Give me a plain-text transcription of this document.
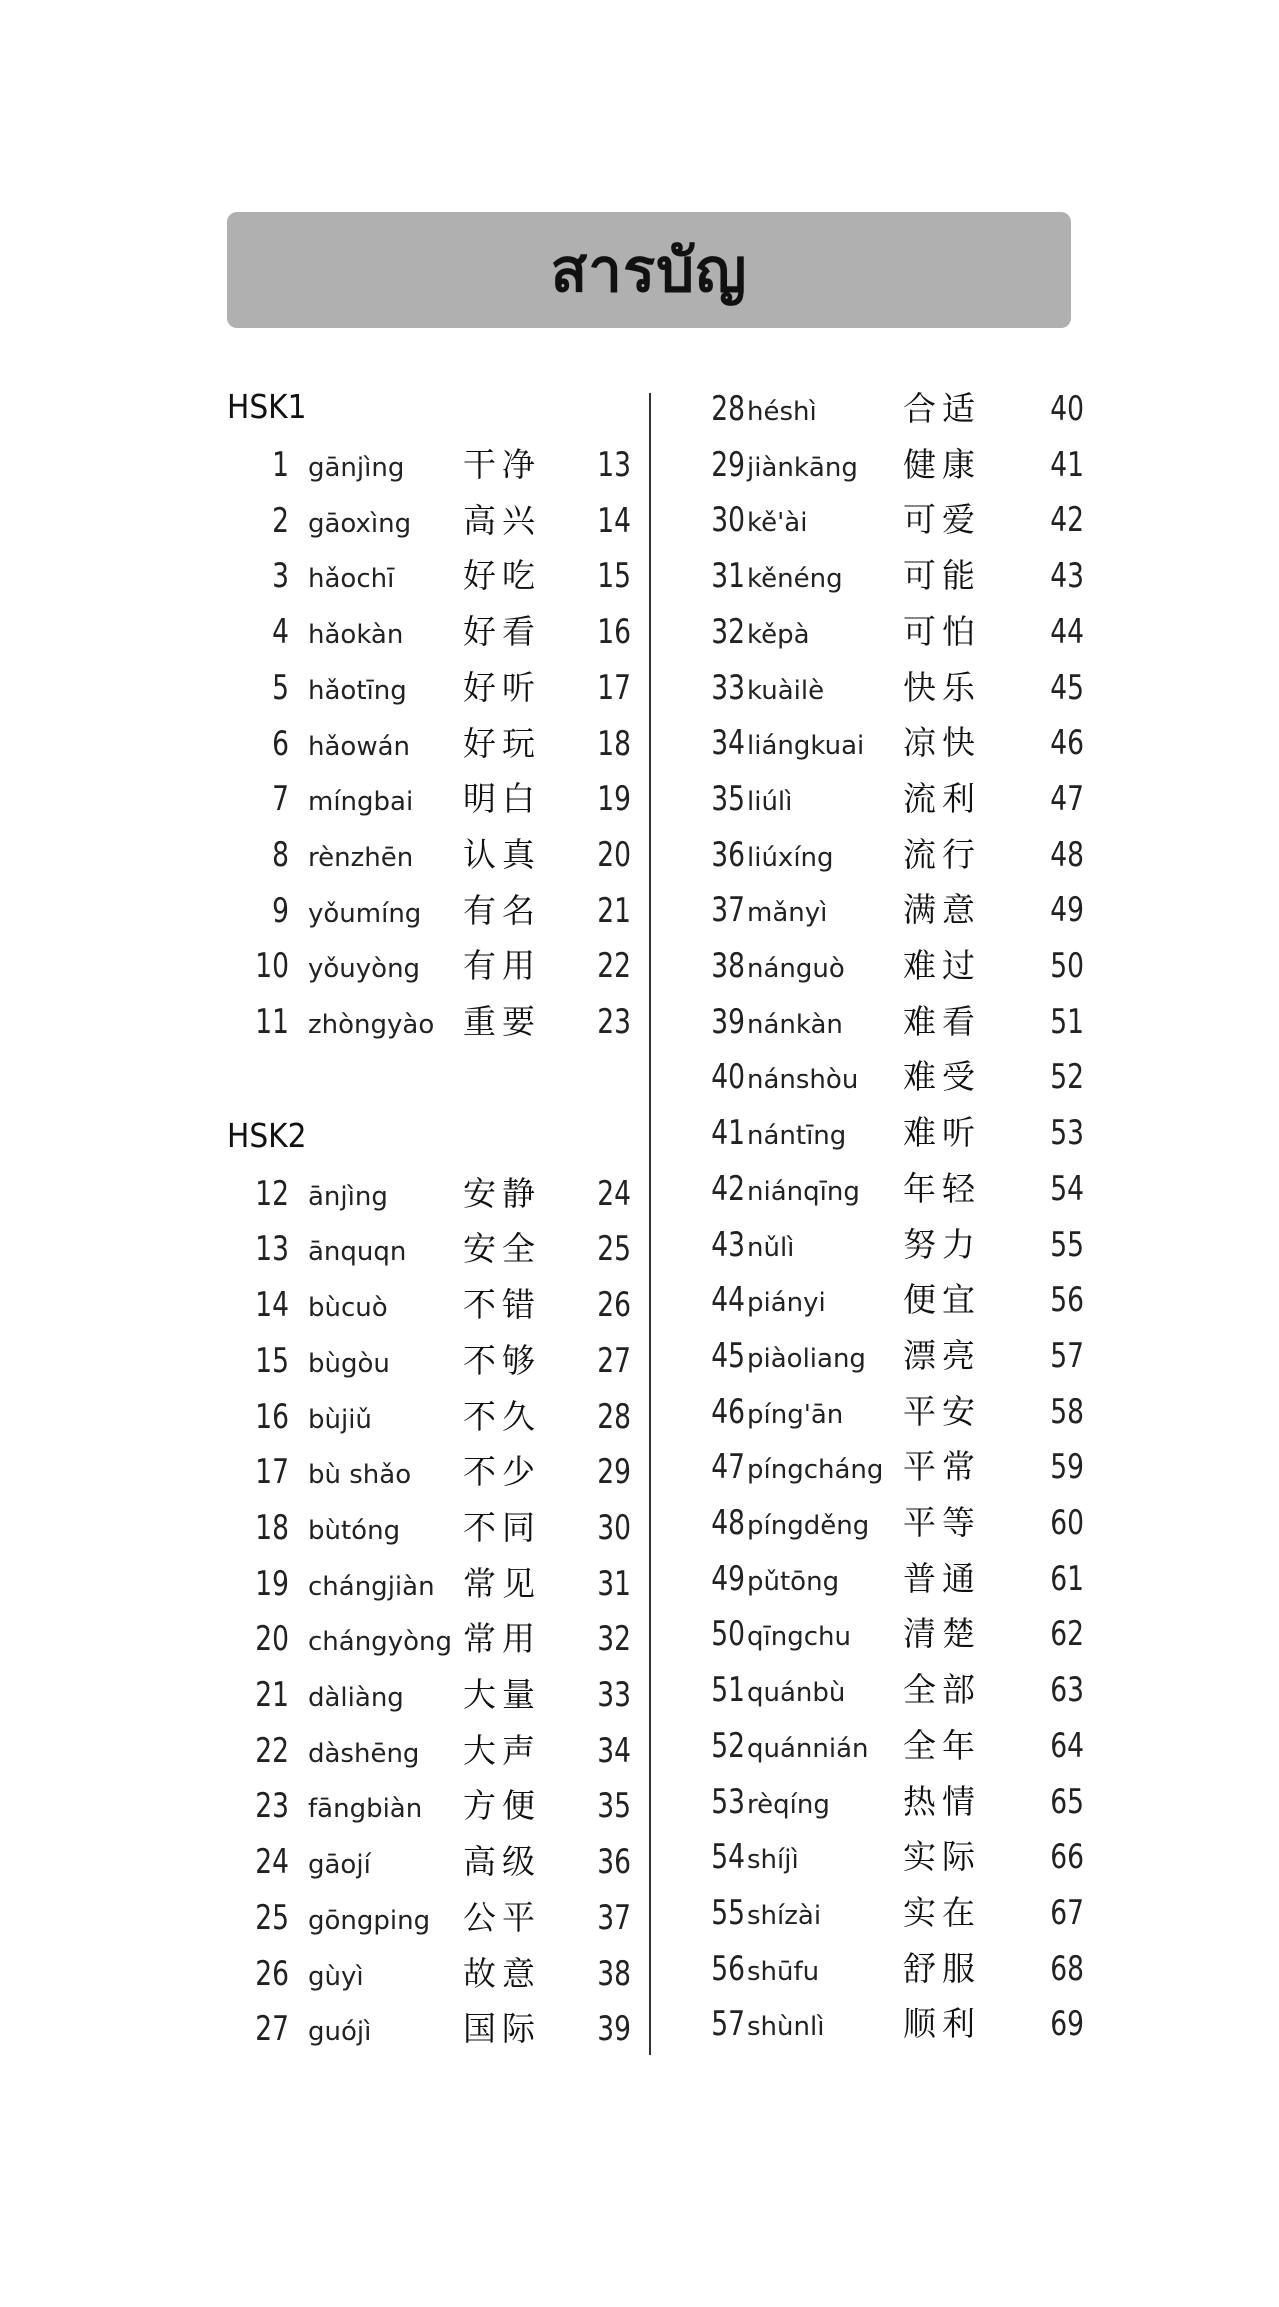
สารบัญ
HSK1
1 gānjìng 干净	13
2 gāoxìng 高兴	14
3 hǎochī 好吃	15
4 hǎokàn 好看	16
5 hǎotīng 好听	17
6 hǎowán 好玩	18
7 míngbai 明白	19
8 rènzhēn 认真	20
9 yǒumíng 有名	21
10 yǒuyòng 有用	22
11 zhòngyào 重要	23
HSK2
12 ānjìng 安静	24
13 ānquqn 安全	25
14 bùcuò 不错	26
15 bùgòu 不够	27
16 bùjiǔ	不久	28
17 bù shǎo 不少	29
18 bùtóng 不同	30
19 chángjiàn 常见	31
20 chángyòng 常用	32
21 dàliàng 大量	33
22 dàshēng 大声	34
23 fāngbiàn 方便	35
24 gāojí	高级	36
25 gōngping 公平	37
26 gùyì	故意	38
27 guójì	国际	39
28 héshì	合适	40
29 jiànkāng 健康	41
30 kě'ài	可爱	42
31 kěnéng 可能	43
32 kěpà	可怕	44
33 kuàilè 快乐	45
34 liángkuai 凉快	46
35 liúlì	流利	47
36 liúxíng 流行	48
37 mǎnyì 满意	49
38 nánguò 难过	50
39 nánkàn 难看	51
40 nánshòu 难受	52
41 nántīng 难听	53
42 niánqīng 年轻	54
43 nǔlì	努力	55
44 piányi 便宜	56
45 piàoliang 漂亮	57
46 píng'ān 平安	58
47 píngcháng 平常	59
48 píngděng 平等	60
49 pǔtōng 普通	61
50 qīngchu 清楚	62
51 quánbù 全部	63
52 quánnián 全年	64
53 rèqíng 热情	65
54 shíjì	实际	66
55 shízài 实在	67
56 shūfu	舒服	68
57 shùnlì 顺利	69
